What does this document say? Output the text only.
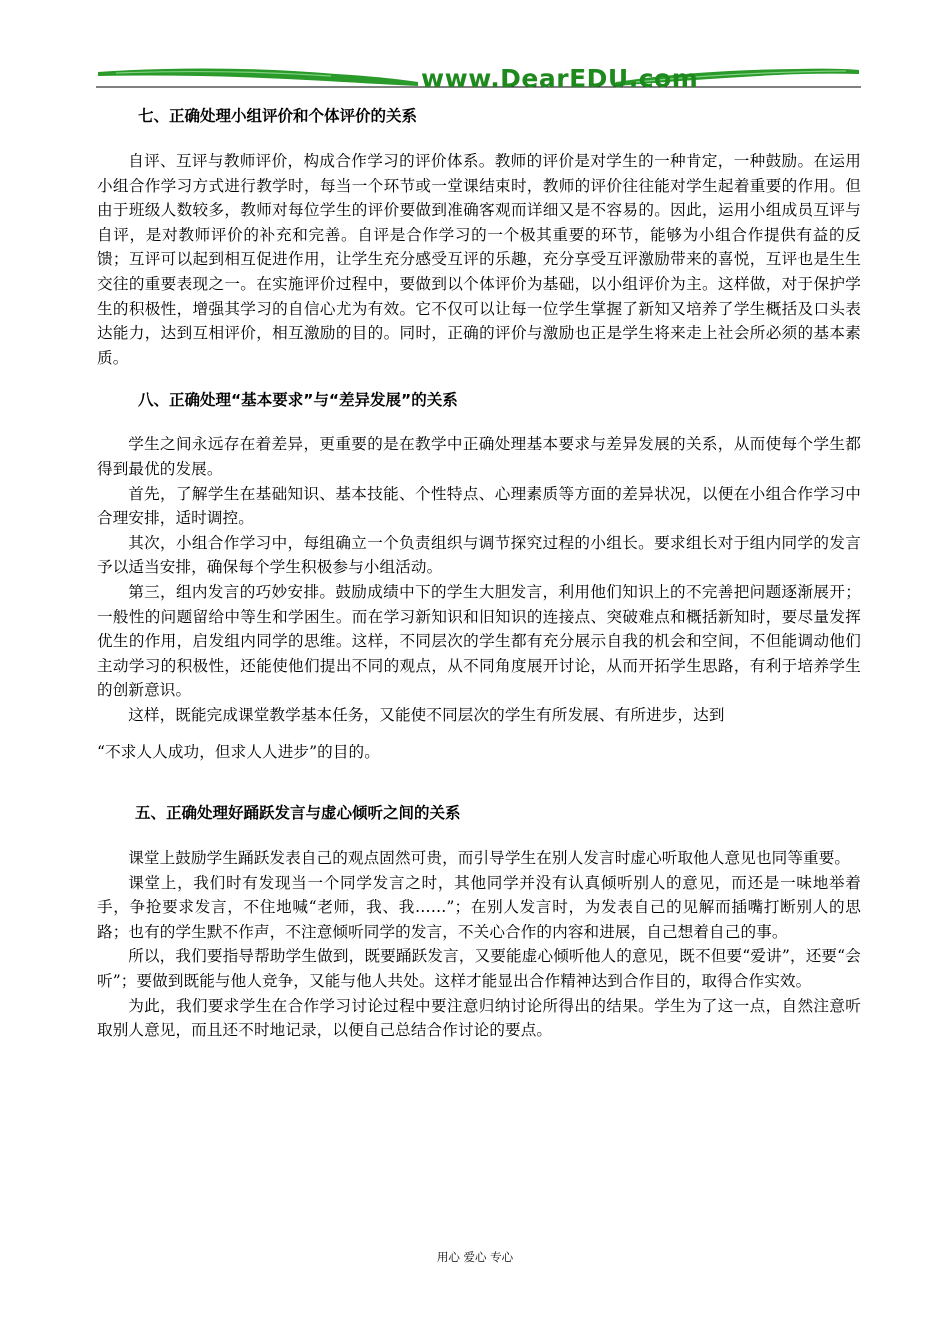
www.DearEDU.com

七、正确处理小组评价和个体评价的关系

自评、互评与教师评价，构成合作学习的评价体系。教师的评价是对学生的一种肯定，一种鼓励。在运用小组合作学习方式进行教学时，每当一个环节或一堂课结束时，教师的评价往往能对学生起着重要的作用。但由于班级人数较多，教师对每位学生的评价要做到准确客观而详细又是不容易的。因此，运用小组成员互评与自评，是对教师评价的补充和完善。自评是合作学习的一个极其重要的环节，能够为小组合作提供有益的反馈；互评可以起到相互促进作用，让学生充分感受互评的乐趣，充分享受互评激励带来的喜悦，互评也是生生交往的重要表现之一。在实施评价过程中，要做到以个体评价为基础，以小组评价为主。这样做，对于保护学生的积极性，增强其学习的自信心尤为有效。它不仅可以让每一位学生掌握了新知又培养了学生概括及口头表达能力，达到互相评价，相互激励的目的。同时，正确的评价与激励也正是学生将来走上社会所必须的基本素质。

八、正确处理“基本要求”与“差异发展”的关系

学生之间永远存在着差异，更重要的是在教学中正确处理基本要求与差异发展的关系，从而使每个学生都得到最优的发展。

首先，了解学生在基础知识、基本技能、个性特点、心理素质等方面的差异状况，以便在小组合作学习中合理安排，适时调控。

其次，小组合作学习中，每组确立一个负责组织与调节探究过程的小组长。要求组长对于组内同学的发言予以适当安排，确保每个学生积极参与小组活动。

第三，组内发言的巧妙安排。鼓励成绩中下的学生大胆发言，利用他们知识上的不完善把问题逐渐展开；一般性的问题留给中等生和学困生。而在学习新知识和旧知识的连接点、突破难点和概括新知时，要尽量发挥优生的作用，启发组内同学的思维。这样，不同层次的学生都有充分展示自我的机会和空间，不但能调动他们主动学习的积极性，还能使他们提出不同的观点，从不同角度展开讨论，从而开拓学生思路，有利于培养学生的创新意识。

这样，既能完成课堂教学基本任务，又能使不同层次的学生有所发展、有所进步，达到

“不求人人成功，但求人人进步”的目的。

五、正确处理好踊跃发言与虚心倾听之间的关系

课堂上鼓励学生踊跃发表自己的观点固然可贵，而引导学生在别人发言时虚心听取他人意见也同等重要。

课堂上，我们时有发现当一个同学发言之时，其他同学并没有认真倾听别人的意见，而还是一味地举着手，争抢要求发言，不住地喊“老师，我、我……”；在别人发言时，为发表自己的见解而插嘴打断别人的思路；也有的学生默不作声，不注意倾听同学的发言，不关心合作的内容和进展，自己想着自己的事。

所以，我们要指导帮助学生做到，既要踊跃发言，又要能虚心倾听他人的意见，既不但要“爱讲”，还要“会听”；要做到既能与他人竞争，又能与他人共处。这样才能显出合作精神达到合作目的，取得合作实效。

为此，我们要求学生在合作学习讨论过程中要注意归纳讨论所得出的结果。学生为了这一点，自然注意听取别人意见，而且还不时地记录，以便自己总结合作讨论的要点。

用心 爱心 专心
